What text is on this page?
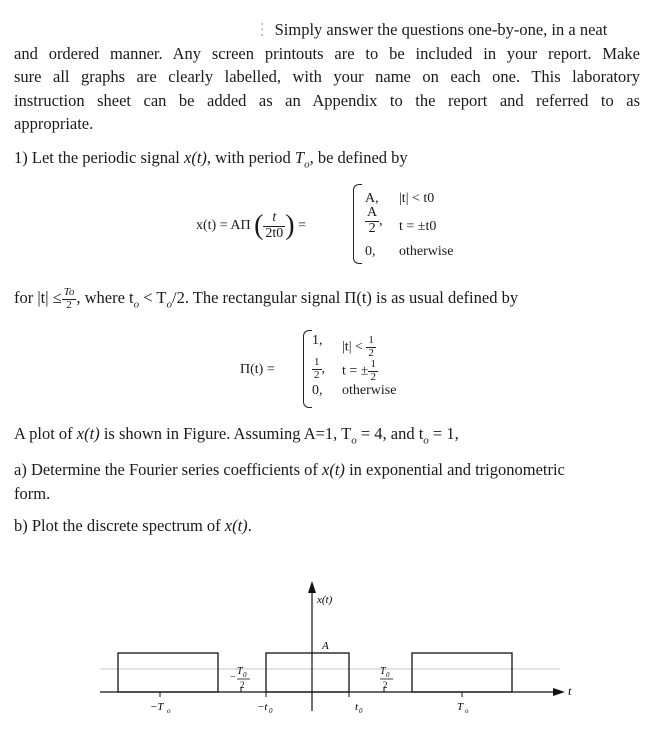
⋮ Simply answer the questions one-by-one, in a neat
and ordered manner. Any screen printouts are to be included in your report. Make
sure all graphs are clearly labelled, with your name on each one. This laboratory
instruction sheet can be added as an Appendix to the report and referred to as
appropriate.
1) Let the periodic signal x(t), with period $T_o$, be defined by
x(t) = AΠ ( $\frac{t}{2t0}$ ) =
A, |t| < t0
$\frac{A}{2}$ , t = ±t0
0, otherwise
for $|t| \le \frac{To}{2}$ , where $t_o < T_o/2$. The rectangular signal Π(t) is as usual defined by
Π(t) =
1, $|t| < \frac{1}{2}$
$\frac{1}{2}$ , t = ± $\frac{1}{2}$
0, otherwise
A plot of x(t) is shown in Figure. Assuming A=1, $T_o = 4$, and $t_o = 1$,
a) Determine the Fourier series coefficients of x(t) in exponential and trigonometric
form.
b) Plot the discrete spectrum of x(t).
t
x(t)
A
−
T 0
2
T 0
2
−T o	−t 0	t 0	T o
